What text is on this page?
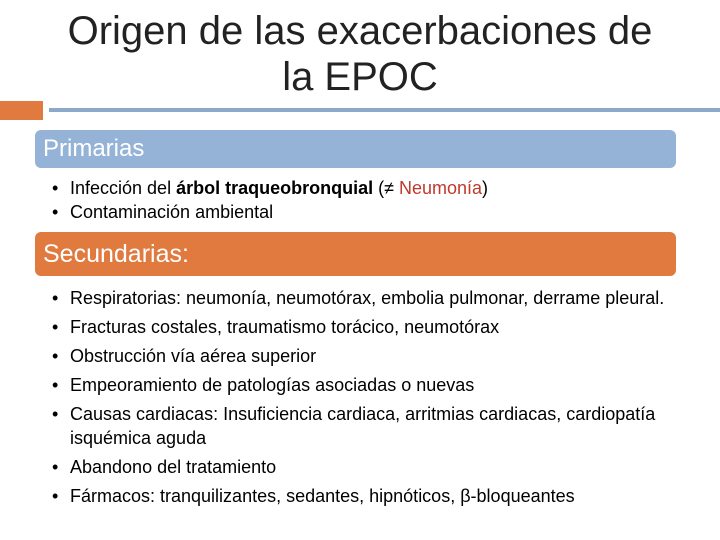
Origen de las exacerbaciones de
la EPOC
Primarias
• Infección del árbol traqueobronquial (≠ Neumonía)
• Contaminación ambiental
Secundarias:
• Respiratorias: neumonía, neumotórax, embolia pulmonar, derrame pleural.
• Fracturas costales, traumatismo torácico, neumotórax
• Obstrucción vía aérea superior
• Empeoramiento de patologías asociadas o nuevas
• Causas cardiacas: Insuficiencia cardiaca, arritmias cardiacas, cardiopatía isquémica aguda
• Abandono del tratamiento
• Fármacos: tranquilizantes, sedantes, hipnóticos, β-bloqueantes
